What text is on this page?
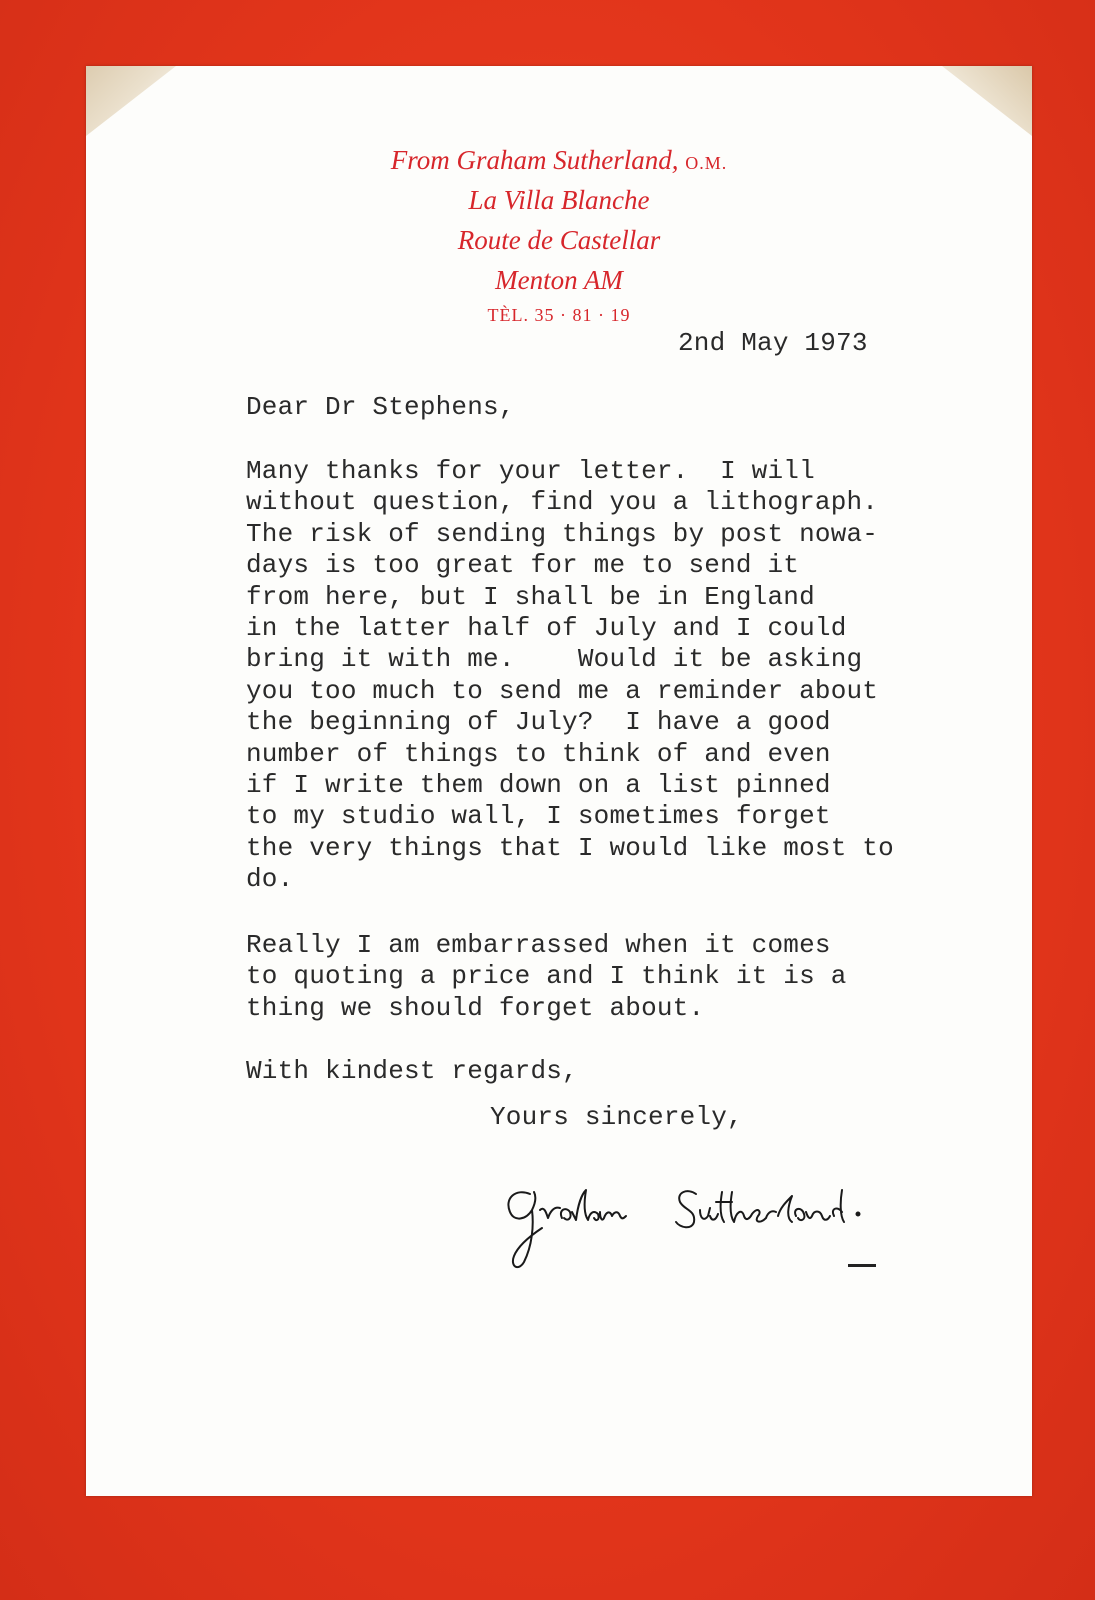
From Graham Sutherland, O.M.
La Villa Blanche
Route de Castellar
Menton AM
TÈL. 35 · 81 · 19
2nd May 1973
Dear Dr Stephens,
Many thanks for your letter.  I will
without question, find you a lithograph.
The risk of sending things by post nowa-
days is too great for me to send it
from here, but I shall be in England
in the latter half of July and I could
bring it with me.    Would it be asking
you too much to send me a reminder about
the beginning of July?  I have a good
number of things to think of and even
if I write them down on a list pinned
to my studio wall, I sometimes forget
the very things that I would like most to
do.
Really I am embarrassed when it comes
to quoting a price and I think it is a
thing we should forget about.
With kindest regards,
Yours sincerely,
